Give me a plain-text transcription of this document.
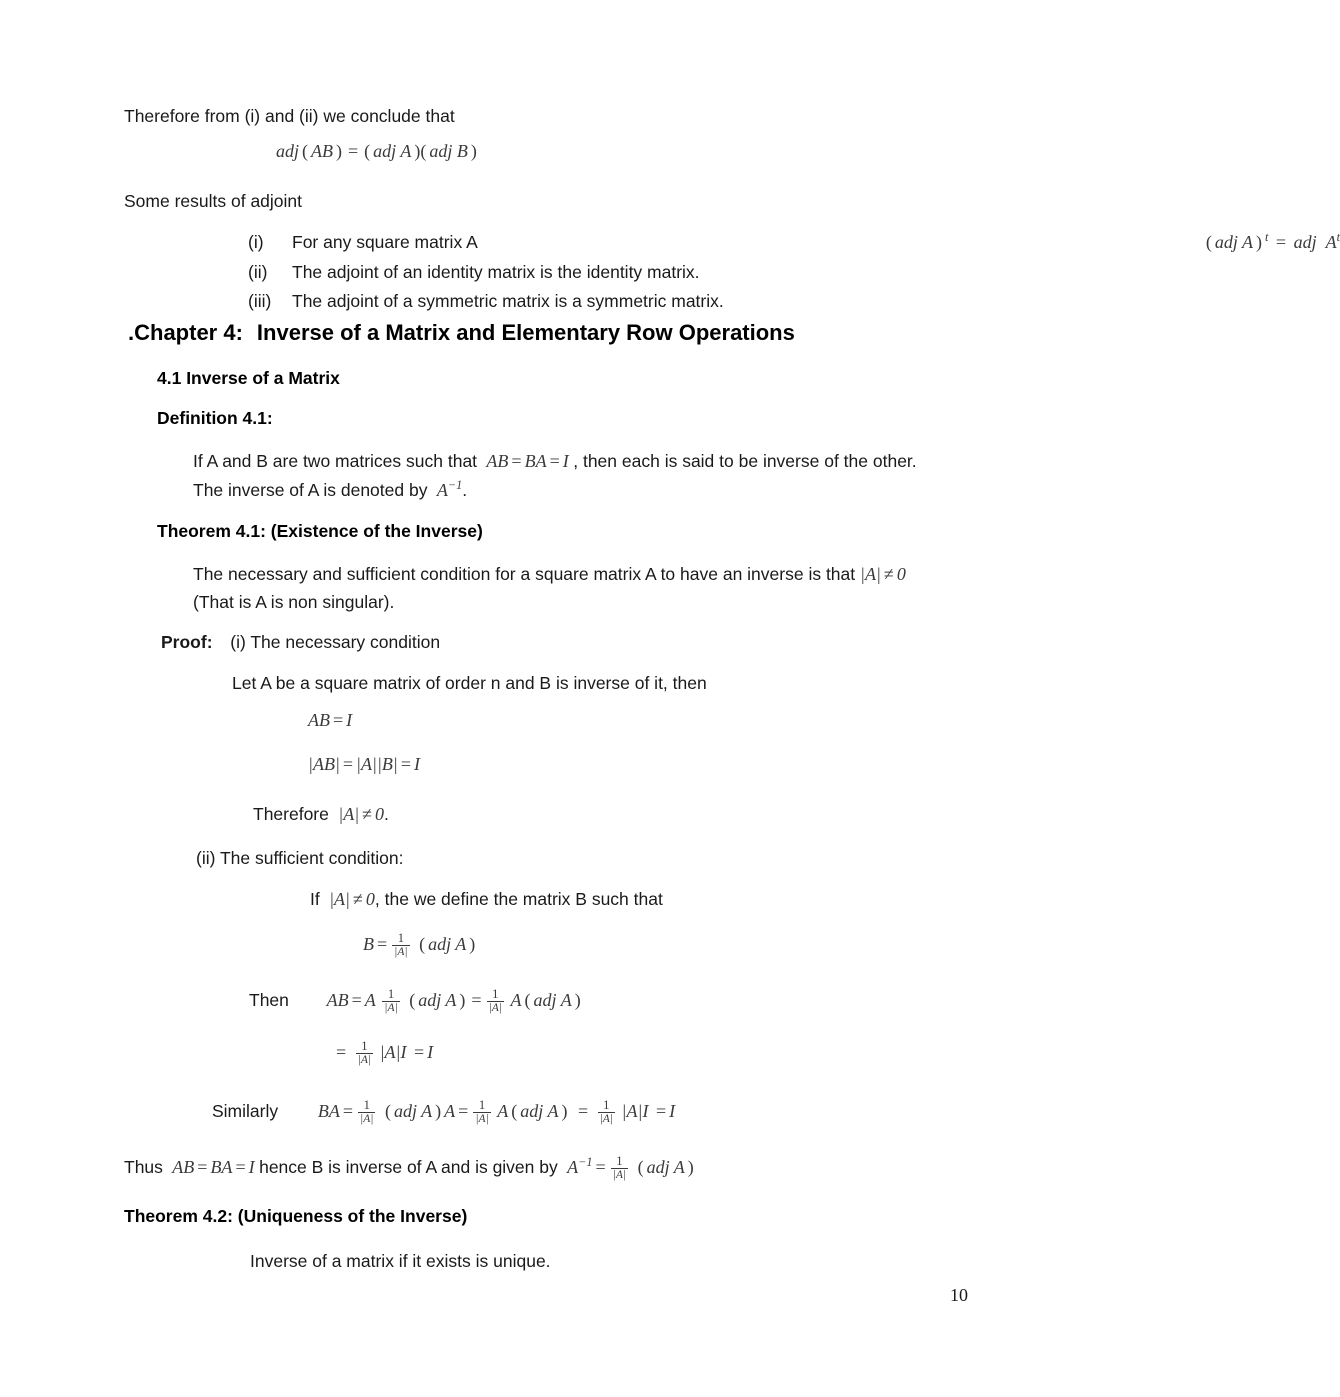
Therefore from (i) and (ii) we conclude that
adj ( AB ) = ( adj A )( adj B )
Some results of adjoint
(i)	For any square matrix A	( adj A ) $^t$ = adj $A^t$
(ii)	The adjoint of an identity matrix is the identity matrix.
(iii)	The adjoint of a symmetric matrix is a symmetric matrix.
.Chapter 4: Inverse of a Matrix and Elementary Row Operations
4.1 Inverse of a Matrix
Definition 4.1:
If A and B are two matrices such that  AB = BA = I , then each is said to be inverse of the other.
The inverse of A is denoted by  $A^{-1}$.
Theorem 4.1: (Existence of the Inverse)
The necessary and sufficient condition for a square matrix A to have an inverse is that |A| ≠ 0
(That is A is non singular).
Proof: (i) The necessary condition
Let A be a square matrix of order n and B is inverse of it, then
AB = I
|AB| = |A||B| = I
Therefore  |A| ≠ 0.
(ii) The sufficient condition:
If  |A| ≠ 0, the we define the matrix B such that
$B = \frac{1}{|A|}$ ( adj A )
Then  AB = A $\frac{1}{|A|}$ ( adj A ) = $\frac{1}{|A|}$ A ( adj A )
= $\frac{1}{|A|} |A|I = I$
Similarly  BA = $\frac{1}{|A|}$ ( adj A ) $A = \frac{1}{|A|}$ A ( adj A ) = $\frac{1}{|A|} |A|I = I$
Thus  AB = BA = I hence B is inverse of A and is given by  $A^{-1} = \frac{1}{|A|}$ ( adj A )
Theorem 4.2: (Uniqueness of the Inverse)
Inverse of a matrix if it exists is unique.
10
